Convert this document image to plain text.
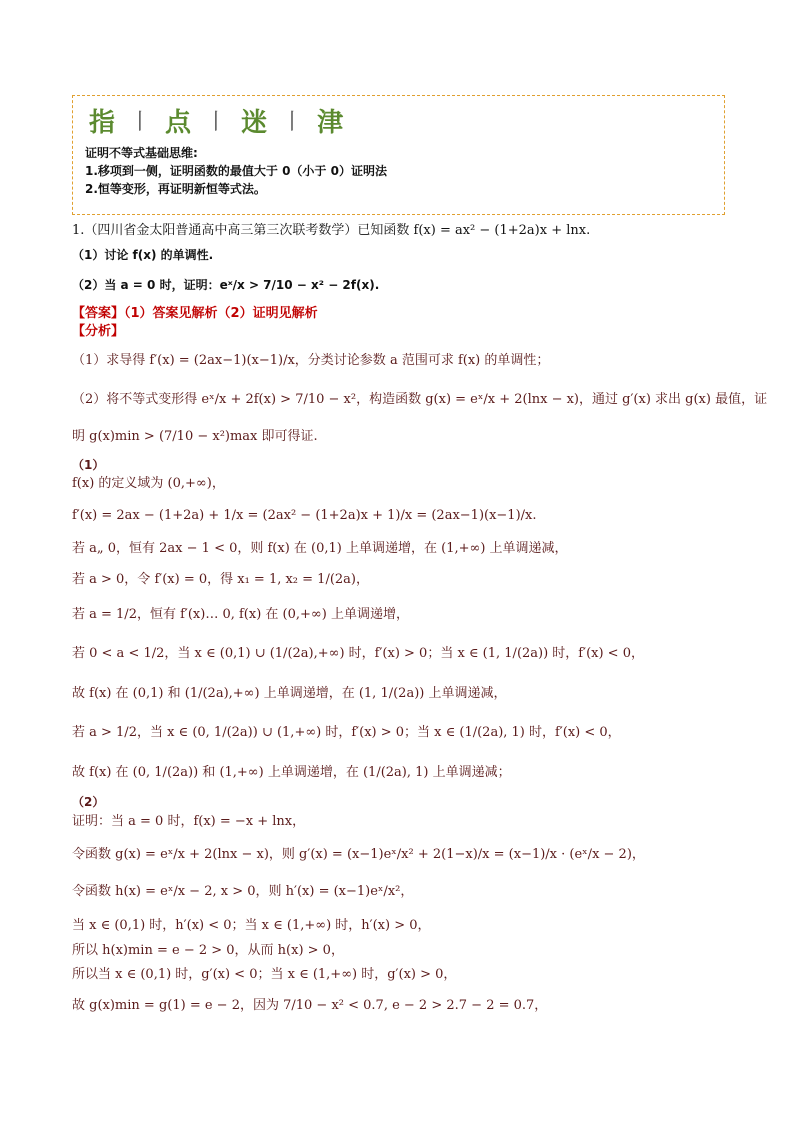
指 丨 点 丨 迷 丨 津
证明不等式基础思维:
1.移项到一侧，证明函数的最值大于 0（小于 0）证明法
2.恒等变形，再证明新恒等式法。
1.（四川省金太阳普通高中高三第三次联考数学）已知函数 f(x) = ax² − (1+2a)x + lnx.
（1）讨论 f(x) 的单调性.
（2）当 a = 0 时，证明：eˣ/x > 7/10 − x² − 2f(x).
【答案】（1）答案见解析（2）证明见解析
【分析】
（1）求导得 f′(x) = (2ax−1)(x−1)/x，分类讨论参数 a 范围可求 f(x) 的单调性；
（2）将不等式变形得 eˣ/x + 2f(x) > 7/10 − x²，构造函数 g(x) = eˣ/x + 2(lnx − x)，通过 g′(x) 求出 g(x) 最值，证
明 g(x)min > (7/10 − x²)max 即可得证.
（1）
f(x) 的定义域为 (0,+∞)，
f′(x) = 2ax − (1+2a) + 1/x = (2ax² − (1+2a)x + 1)/x = (2ax−1)(x−1)/x.
若 a„ 0，恒有 2ax − 1 < 0，则 f(x) 在 (0,1) 上单调递增，在 (1,+∞) 上单调递减，
若 a > 0，令 f′(x) = 0，得 x₁ = 1, x₂ = 1/(2a)，
若 a = 1/2，恒有 f′(x)… 0, f(x) 在 (0,+∞) 上单调递增，
若 0 < a < 1/2，当 x ∈ (0,1) ∪ (1/(2a),+∞) 时，f′(x) > 0；当 x ∈ (1, 1/(2a)) 时，f′(x) < 0，
故 f(x) 在 (0,1) 和 (1/(2a),+∞) 上单调递增，在 (1, 1/(2a)) 上单调递减，
若 a > 1/2，当 x ∈ (0, 1/(2a)) ∪ (1,+∞) 时，f′(x) > 0；当 x ∈ (1/(2a), 1) 时，f′(x) < 0，
故 f(x) 在 (0, 1/(2a)) 和 (1,+∞) 上单调递增，在 (1/(2a), 1) 上单调递减；
（2）
证明：当 a = 0 时，f(x) = −x + lnx，
令函数 g(x) = eˣ/x + 2(lnx − x)，则 g′(x) = (x−1)eˣ/x² + 2(1−x)/x = (x−1)/x · (eˣ/x − 2)，
令函数 h(x) = eˣ/x − 2, x > 0，则 h′(x) = (x−1)eˣ/x²，
当 x ∈ (0,1) 时，h′(x) < 0；当 x ∈ (1,+∞) 时，h′(x) > 0，
所以 h(x)min = e − 2 > 0，从而 h(x) > 0，
所以当 x ∈ (0,1) 时，g′(x) < 0；当 x ∈ (1,+∞) 时，g′(x) > 0，
故 g(x)min = g(1) = e − 2，因为 7/10 − x² < 0.7, e − 2 > 2.7 − 2 = 0.7，
